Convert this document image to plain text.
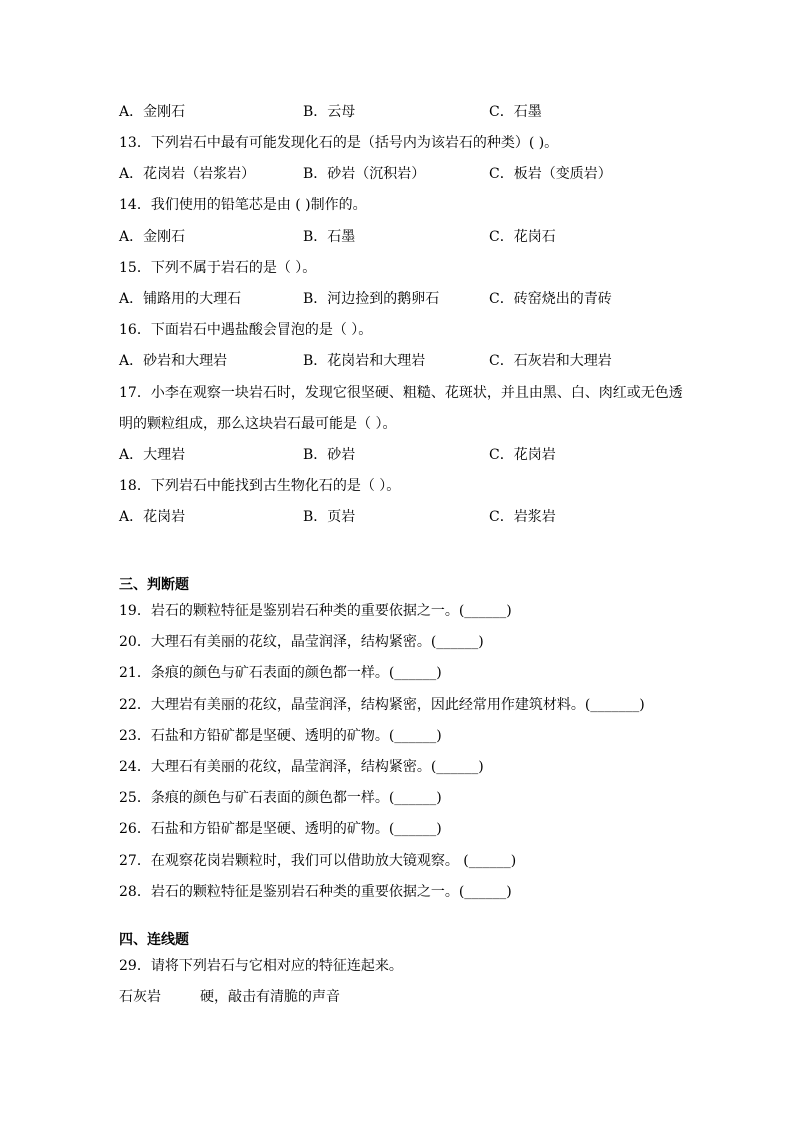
A．金刚石	B．云母	C．石墨
13．下列岩石中最有可能发现化石的是（括号内为该岩石的种类）( )。
A．花岗岩（岩浆岩）	B．砂岩（沉积岩）	C．板岩（变质岩）
14．我们使用的铅笔芯是由 ( )制作的。
A．金刚石	B．石墨	C．花岗石
15．下列不属于岩石的是（ ）。
A．铺路用的大理石	B．河边捡到的鹅卵石	C．砖窑烧出的青砖
16．下面岩石中遇盐酸会冒泡的是（ ）。
A．砂岩和大理岩	B．花岗岩和大理岩	C．石灰岩和大理岩
17．小李在观察一块岩石时，发现它很坚硬、粗糙、花斑状，并且由黑、白、肉红或无色透
明的颗粒组成，那么这块岩石最可能是（ ）。
A．大理岩	B．砂岩	C．花岗岩
18．下列岩石中能找到古生物化石的是（ ）。
A．花岗岩	B．页岩	C．岩浆岩
三、判断题
19．岩石的颗粒特征是鉴别岩石种类的重要依据之一。(______)
20．大理石有美丽的花纹，晶莹润泽，结构紧密。(______)
21．条痕的颜色与矿石表面的颜色都一样。(______)
22．大理岩有美丽的花纹，晶莹润泽，结构紧密，因此经常用作建筑材料。(_______)
23．石盐和方铅矿都是坚硬、透明的矿物。(______)
24．大理石有美丽的花纹，晶莹润泽，结构紧密。(______)
25．条痕的颜色与矿石表面的颜色都一样。(______)
26．石盐和方铅矿都是坚硬、透明的矿物。(______)
27．在观察花岗岩颗粒时，我们可以借助放大镜观察。 (______)
28．岩石的颗粒特征是鉴别岩石种类的重要依据之一。(______)
四、连线题
29．请将下列岩石与它相对应的特征连起来。
石灰岩	硬，敲击有清脆的声音
